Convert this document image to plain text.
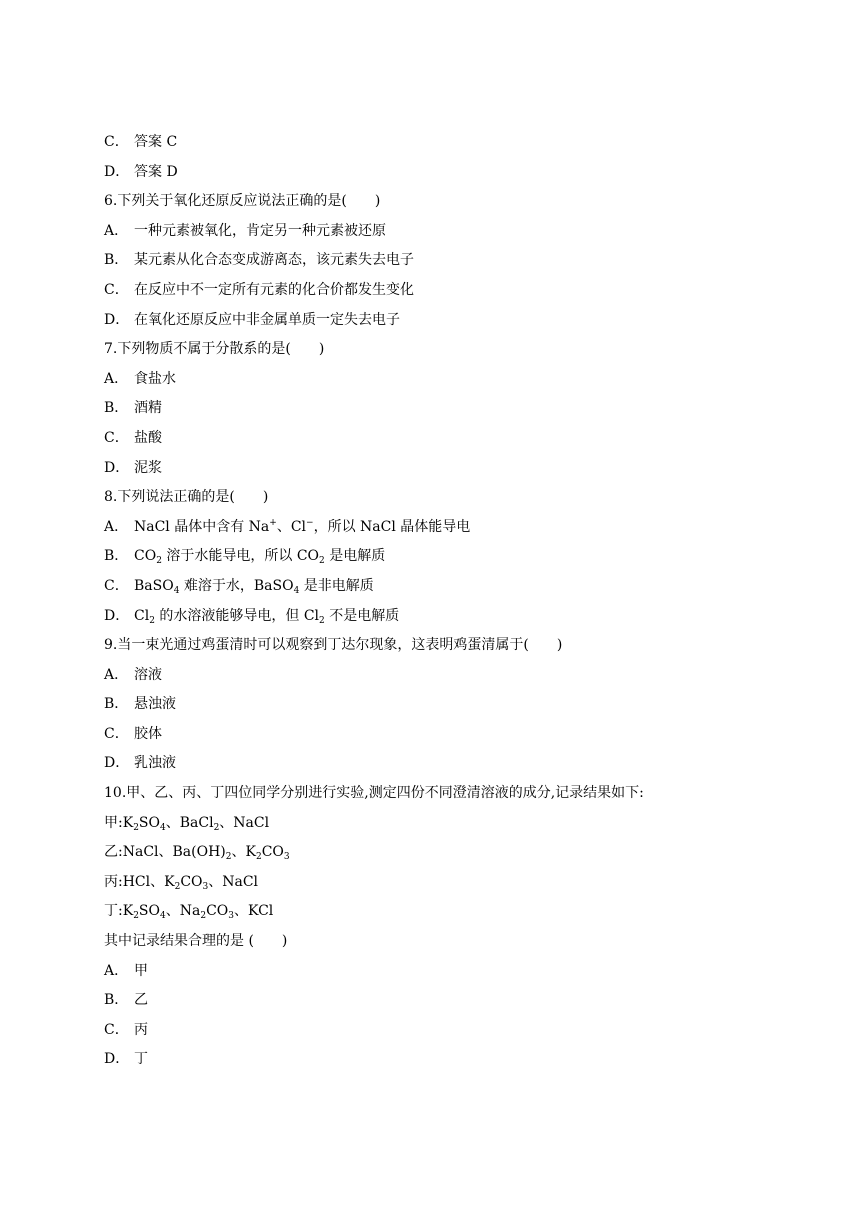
C． 答案 C
D． 答案 D
6.下列关于氧化还原反应说法正确的是(　　)
A． 一种元素被氧化，肯定另一种元素被还原
B． 某元素从化合态变成游离态，该元素失去电子
C． 在反应中不一定所有元素的化合价都发生变化
D． 在氧化还原反应中非金属单质一定失去电子
7.下列物质不属于分散系的是(　　)
A． 食盐水
B． 酒精
C． 盐酸
D． 泥浆
8.下列说法正确的是(　　)
A． NaCl 晶体中含有 Na+、Cl−，所以 NaCl 晶体能导电
B． $CO_2$ 溶于水能导电，所以 $CO_2$ 是电解质
C． BaSO$_4$ 难溶于水，BaSO$_4$ 是非电解质
D． $Cl_2$ 的水溶液能够导电，但 $Cl_2$ 不是电解质
9.当一束光通过鸡蛋清时可以观察到丁达尔现象，这表明鸡蛋清属于(　　)
A． 溶液
B． 悬浊液
C． 胶体
D． 乳浊液
10.甲、乙、丙、丁四位同学分别进行实验,测定四份不同澄清溶液的成分,记录结果如下:
甲$:K_2SO_4$、BaCl$_2$、NaCl
乙:NaCl、$Ba(OH)_2$、$K_2CO_3$
丙:HCl、$K_2CO_3$、NaCl
丁$:K_2SO_4$、$Na_2CO_3$、KCl
其中记录结果合理的是 (　　)
A． 甲
B． 乙
C． 丙
D． 丁
